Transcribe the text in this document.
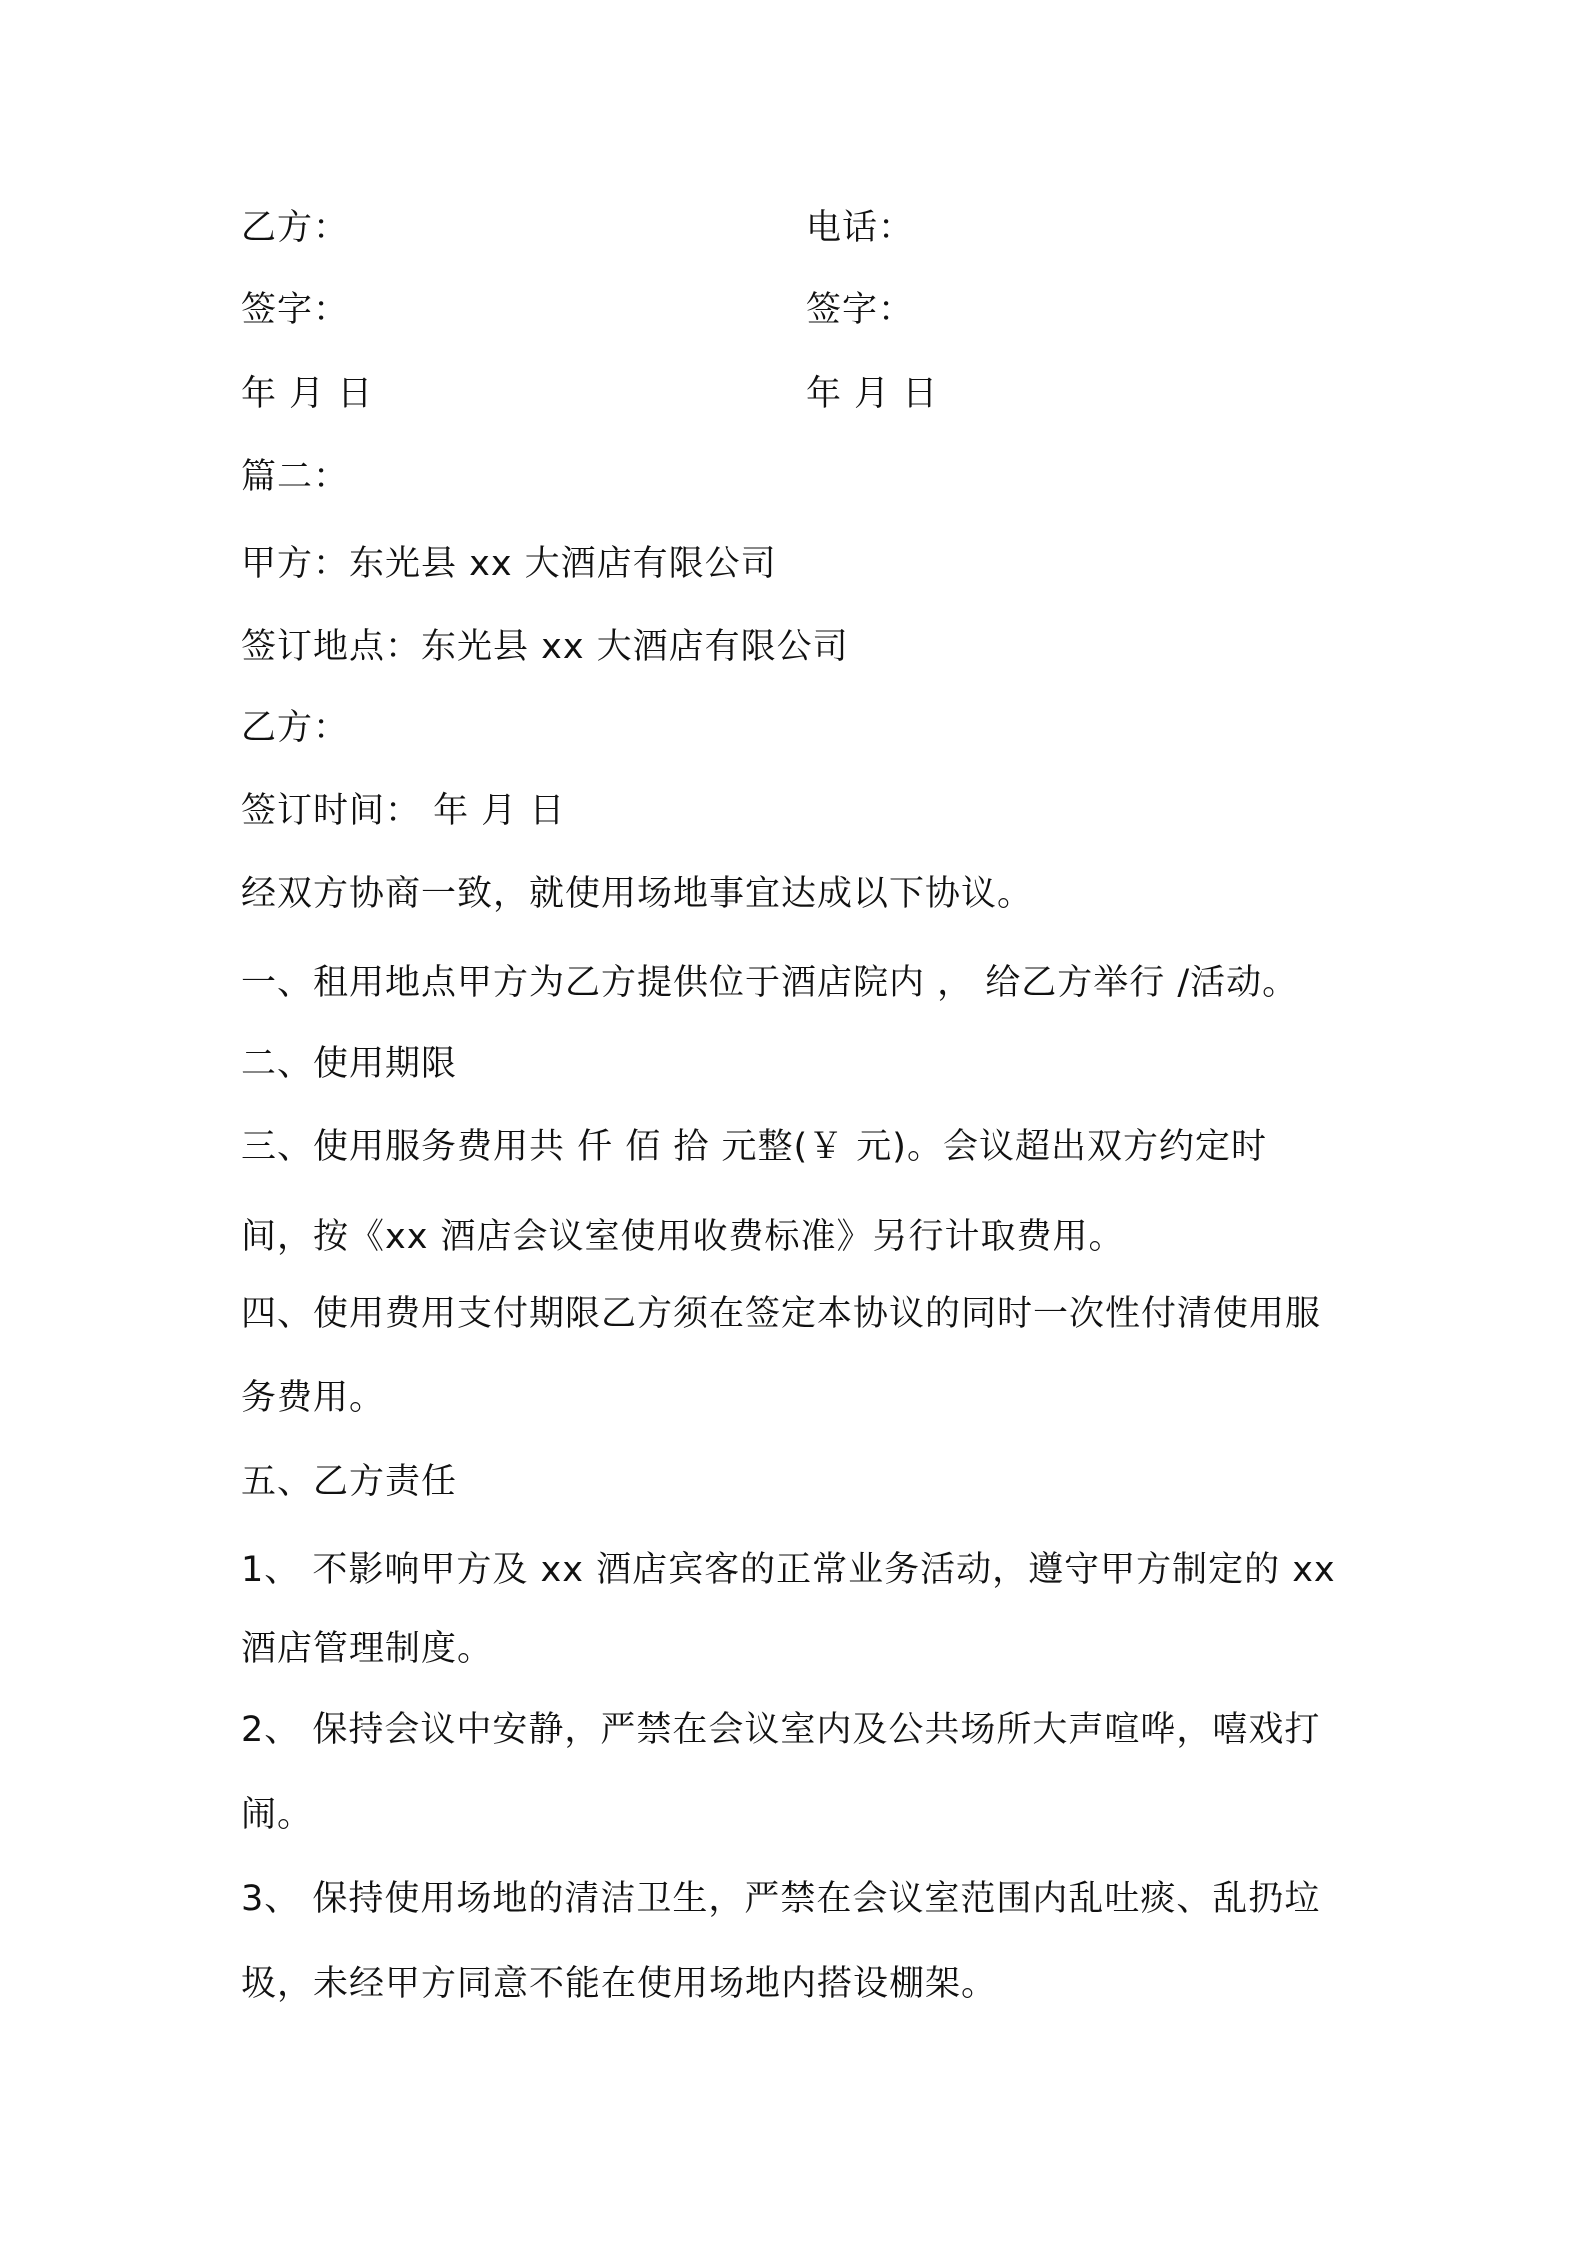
乙方：	电话：
签字：	签字：
年 月 日	年 月 日
篇二：
甲方：东光县 xx 大酒店有限公司
签订地点：东光县 xx 大酒店有限公司
乙方：
签订时间： 年 月 日
经双方协商一致，就使用场地事宜达成以下协议。
一、租用地点甲方为乙方提供位于酒店院内 ， 给乙方举行 /活动。
二、使用期限
三、使用服务费用共 仟 佰 拾 元整(￥ 元)。会议超出双方约定时
间，按《xx 酒店会议室使用收费标准》另行计取费用。
四、使用费用支付期限乙方须在签定本协议的同时一次性付清使用服
务费用。
五、乙方责任
1、 不影响甲方及 xx 酒店宾客的正常业务活动，遵守甲方制定的 xx
酒店管理制度。
2、 保持会议中安静，严禁在会议室内及公共场所大声喧哗，嘻戏打
闹。
3、 保持使用场地的清洁卫生，严禁在会议室范围内乱吐痰、乱扔垃
圾，未经甲方同意不能在使用场地内搭设棚架。
